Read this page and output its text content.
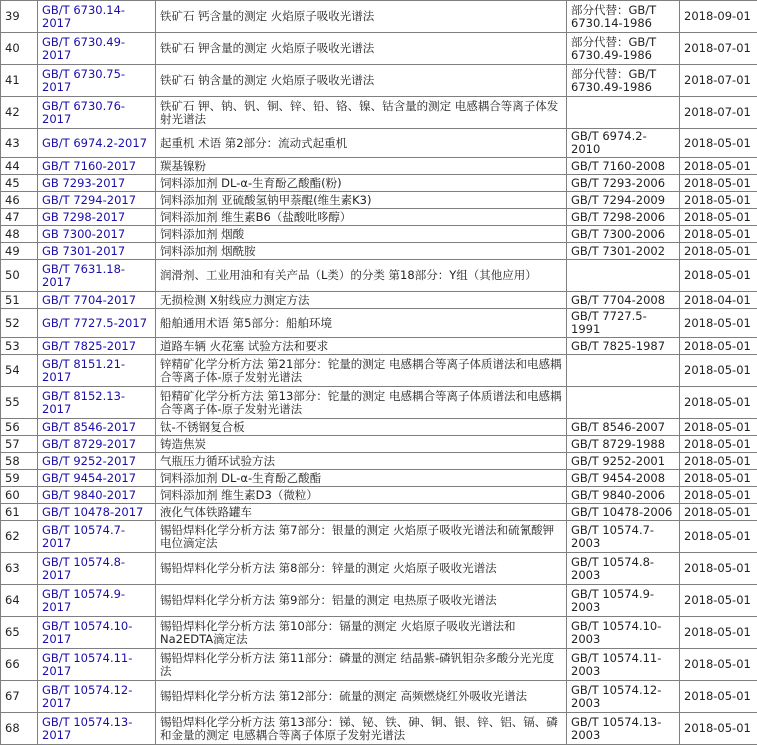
39	GB/T 6730.14-2017	铁矿石 钙含量的测定 火焰原子吸收光谱法	部分代替：GB/T 6730.14-1986	2018-09-01
40	GB/T 6730.49-2017	铁矿石 钾含量的测定 火焰原子吸收光谱法	部分代替：GB/T 6730.49-1986	2018-07-01
41	GB/T 6730.75-2017	铁矿石 钠含量的测定 火焰原子吸收光谱法	部分代替：GB/T 6730.49-1986	2018-07-01
42	GB/T 6730.76-2017	铁矿石 钾、钠、钒、铜、锌、铅、铬、镍、钴含量的测定 电感耦合等离子体发射光谱法		2018-07-01
43	GB/T 6974.2-2017	起重机 术语 第2部分：流动式起重机	GB/T 6974.2-2010	2018-05-01
44	GB/T 7160-2017	羰基镍粉	GB/T 7160-2008	2018-05-01
45	GB 7293-2017	饲料添加剂 DL-α-生育酚乙酸酯(粉)	GB/T 7293-2006	2018-05-01
46	GB/T 7294-2017	饲料添加剂 亚硫酸氢钠甲萘醌(维生素K3)	GB/T 7294-2009	2018-05-01
47	GB 7298-2017	饲料添加剂 维生素B6（盐酸吡哆醇）	GB/T 7298-2006	2018-05-01
48	GB 7300-2017	饲料添加剂 烟酸	GB/T 7300-2006	2018-05-01
49	GB 7301-2017	饲料添加剂 烟酰胺	GB/T 7301-2002	2018-05-01
50	GB/T 7631.18-2017	润滑剂、工业用油和有关产品（L类）的分类 第18部分：Y组（其他应用）		2018-05-01
51	GB/T 7704-2017	无损检测 X射线应力测定方法	GB/T 7704-2008	2018-04-01
52	GB/T 7727.5-2017	船舶通用术语 第5部分：船舶环境	GB/T 7727.5-1991	2018-05-01
53	GB/T 7825-2017	道路车辆 火花塞 试验方法和要求	GB/T 7825-1987	2018-05-01
54	GB/T 8151.21-2017	锌精矿化学分析方法 第21部分：铊量的测定 电感耦合等离子体质谱法和电感耦合等离子体-原子发射光谱法		2018-05-01
55	GB/T 8152.13-2017	铅精矿化学分析方法 第13部分：铊量的测定 电感耦合等离子体质谱法和电感耦合等离子体-原子发射光谱法		2018-05-01
56	GB/T 8546-2017	钛-不锈钢复合板	GB/T 8546-2007	2018-05-01
57	GB/T 8729-2017	铸造焦炭	GB/T 8729-1988	2018-05-01
58	GB/T 9252-2017	气瓶压力循环试验方法	GB/T 9252-2001	2018-05-01
59	GB/T 9454-2017	饲料添加剂 DL-α-生育酚乙酸酯	GB/T 9454-2008	2018-05-01
60	GB/T 9840-2017	饲料添加剂 维生素D3（微粒）	GB/T 9840-2006	2018-05-01
61	GB/T 10478-2017	液化气体铁路罐车	GB/T 10478-2006	2018-05-01
62	GB/T 10574.7-2017	锡铅焊料化学分析方法 第7部分：银量的测定 火焰原子吸收光谱法和硫氰酸钾电位滴定法	GB/T 10574.7-2003	2018-05-01
63	GB/T 10574.8-2017	锡铅焊料化学分析方法 第8部分：锌量的测定 火焰原子吸收光谱法	GB/T 10574.8-2003	2018-05-01
64	GB/T 10574.9-2017	锡铅焊料化学分析方法 第9部分：铝量的测定 电热原子吸收光谱法	GB/T 10574.9-2003	2018-05-01
65	GB/T 10574.10-2017	锡铅焊料化学分析方法 第10部分：镉量的测定 火焰原子吸收光谱法和Na2EDTA滴定法	GB/T 10574.10-2003	2018-05-01
66	GB/T 10574.11-2017	锡铅焊料化学分析方法 第11部分：磷量的测定 结晶紫-磷钒钼杂多酸分光光度法	GB/T 10574.11-2003	2018-05-01
67	GB/T 10574.12-2017	锡铅焊料化学分析方法 第12部分：硫量的测定 高频燃烧红外吸收光谱法	GB/T 10574.12-2003	2018-05-01
68	GB/T 10574.13-2017	锡铅焊料化学分析方法 第13部分：锑、铋、铁、砷、铜、银、锌、铝、镉、磷和金量的测定 电感耦合等离子体原子发射光谱法	GB/T 10574.13-2003	2018-05-01
